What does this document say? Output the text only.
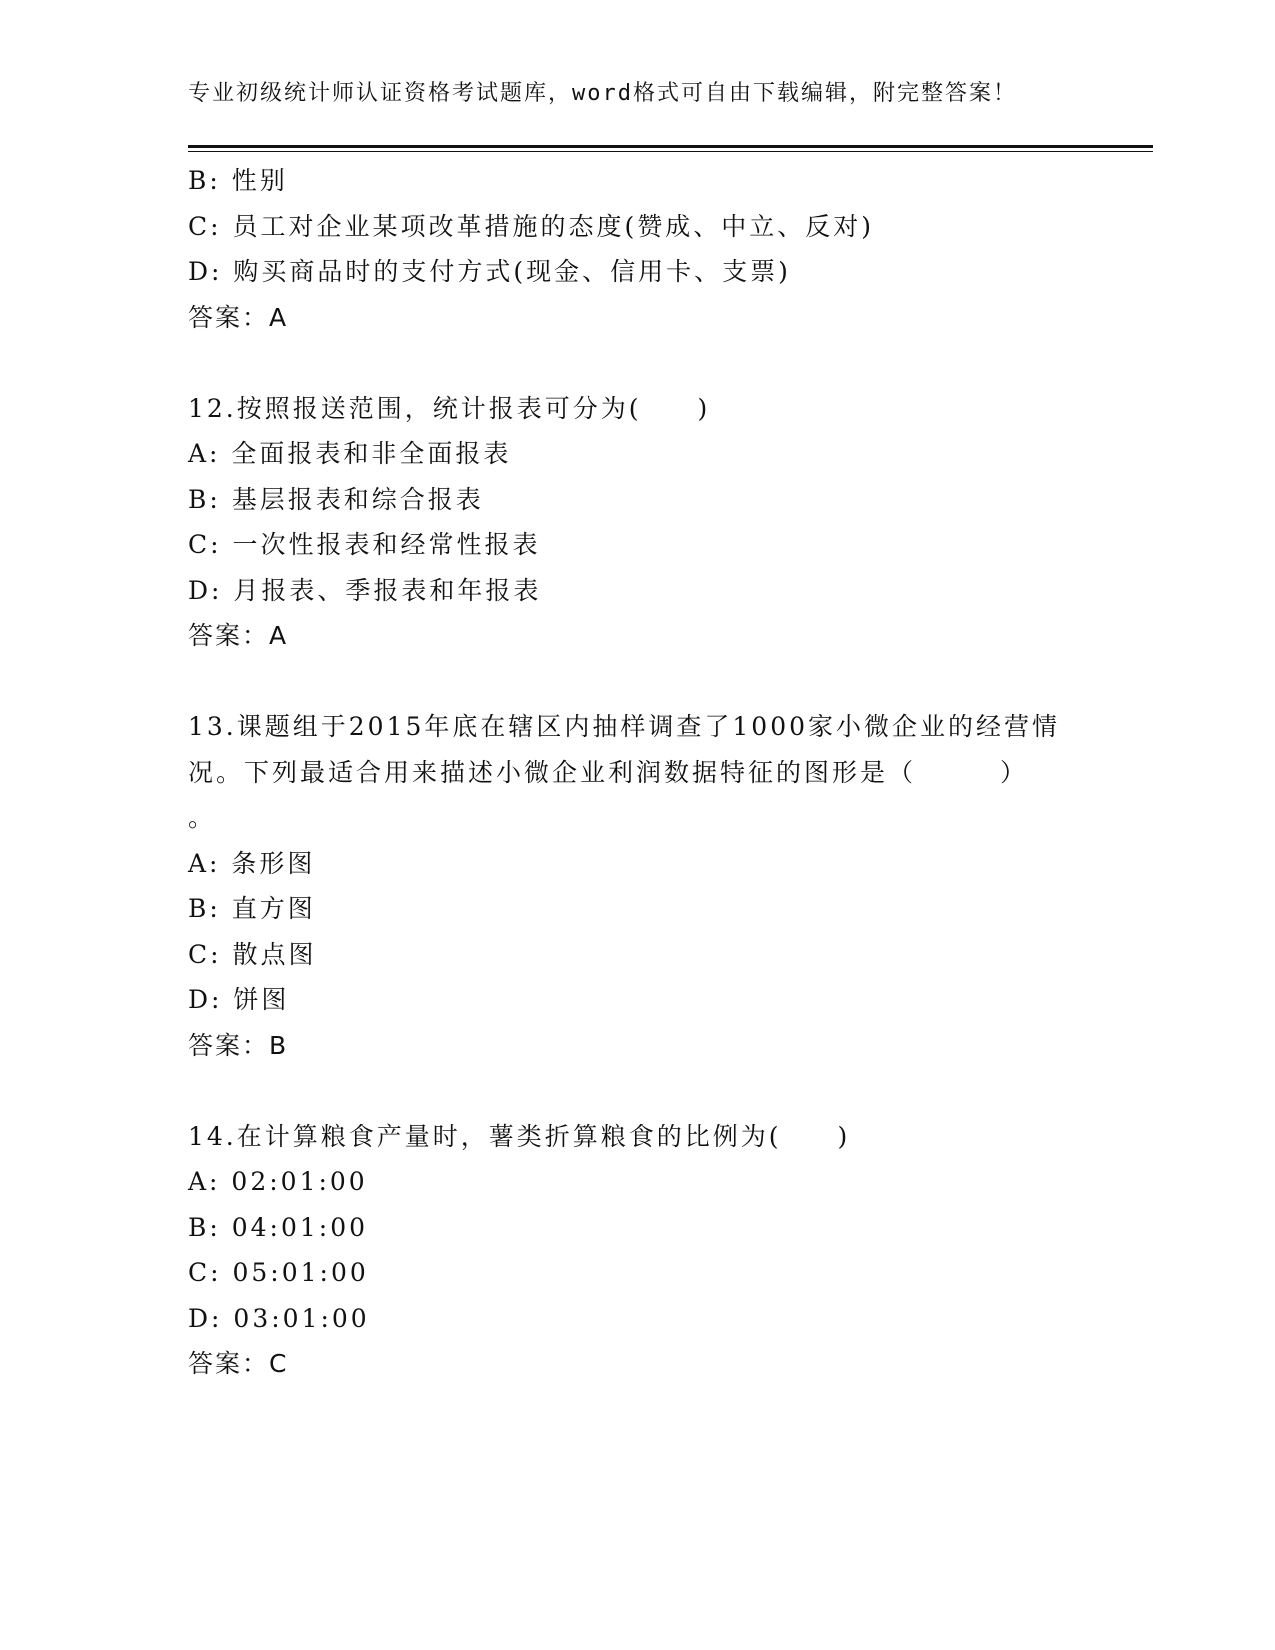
专业初级统计师认证资格考试题库，word格式可自由下载编辑，附完整答案！
B: 性别
C: 员工对企业某项改革措施的态度(赞成、中立、反对)
D: 购买商品时的支付方式(现金、信用卡、支票)
答案：A
12.按照报送范围，统计报表可分为(　　)
A: 全面报表和非全面报表
B: 基层报表和综合报表
C: 一次性报表和经常性报表
D: 月报表、季报表和年报表
答案：A
13.课题组于2015年底在辖区内抽样调查了1000家小微企业的经营情
况。下列最适合用来描述小微企业利润数据特征的图形是（　　　）
。
A: 条形图
B: 直方图
C: 散点图
D: 饼图
答案：B
14.在计算粮食产量时，薯类折算粮食的比例为(　　)
A: 02:01:00
B: 04:01:00
C: 05:01:00
D: 03:01:00
答案：C
